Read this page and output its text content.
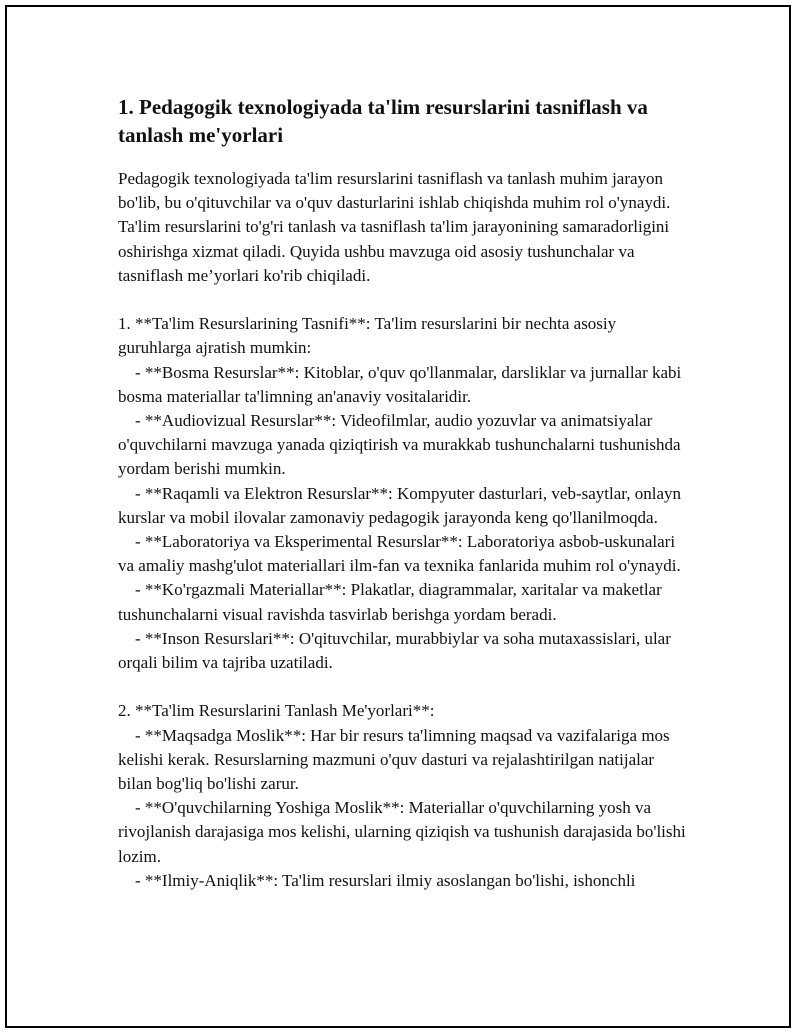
1. Pedagogik texnologiyada ta'lim resurslarini tasniflash va tanlash me'yorlari

Pedagogik texnologiyada ta'lim resurslarini tasniflash va tanlash muhim jarayon bo'lib, bu o'qituvchilar va o'quv dasturlarini ishlab chiqishda muhim rol o'ynaydi. Ta'lim resurslarini to'g'ri tanlash va tasniflash ta'lim jarayonining samaradorligini oshirishga xizmat qiladi. Quyida ushbu mavzuga oid asosiy tushunchalar va tasniflash me’yorlari ko'rib chiqiladi.

1. **Ta'lim Resurslarining Tasnifi**: Ta'lim resurslarini bir nechta asosiy guruhlarga ajratish mumkin:

- **Bosma Resurslar**: Kitoblar, o'quv qo'llanmalar, darsliklar va jurnallar kabi bosma materiallar ta'limning an'anaviy vositalaridir.

- **Audiovizual Resurslar**: Videofilmlar, audio yozuvlar va animatsiyalar o'quvchilarni mavzuga yanada qiziqtirish va murakkab tushunchalarni tushunishda yordam berishi mumkin.

- **Raqamli va Elektron Resurslar**: Kompyuter dasturlari, veb-saytlar, onlayn kurslar va mobil ilovalar zamonaviy pedagogik jarayonda keng qo'llanilmoqda.

- **Laboratoriya va Eksperimental Resurslar**: Laboratoriya asbob-uskunalari va amaliy mashg'ulot materiallari ilm-fan va texnika fanlarida muhim rol o'ynaydi.

- **Ko'rgazmali Materiallar**: Plakatlar, diagrammalar, xaritalar va maketlar tushunchalarni visual ravishda tasvirlab berishga yordam beradi.

- **Inson Resurslari**: O'qituvchilar, murabbiylar va soha mutaxassislari, ular orqali bilim va tajriba uzatiladi.

2. **Ta'lim Resurslarini Tanlash Me'yorlari**:

- **Maqsadga Moslik**: Har bir resurs ta'limning maqsad va vazifalariga mos kelishi kerak. Resurslarning mazmuni o'quv dasturi va rejalashtirilgan natijalar bilan bog'liq bo'lishi zarur.

- **O'quvchilarning Yoshiga Moslik**: Materiallar o'quvchilarning yosh va rivojlanish darajasiga mos kelishi, ularning qiziqish va tushunish darajasida bo'lishi lozim.

- **Ilmiy-Aniqlik**: Ta'lim resurslari ilmiy asoslangan bo'lishi, ishonchli
